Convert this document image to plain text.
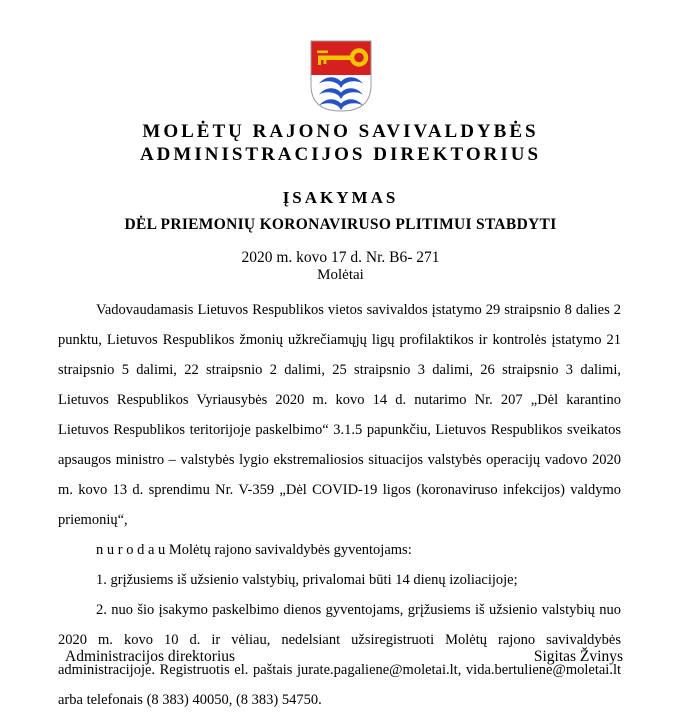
MOLĖTŲ RAJONO SAVIVALDYBĖS
ADMINISTRACIJOS DIREKTORIUS

ĮSAKYMAS

DĖL PRIEMONIŲ KORONAVIRUSO PLITIMUI STABDYTI

2020 m. kovo 17 d. Nr. B6- 271

Molėtai

Vadovaudamasis Lietuvos Respublikos vietos savivaldos įstatymo 29 straipsnio 8 dalies 2 punktu, Lietuvos Respublikos žmonių užkrečiamųjų ligų profilaktikos ir kontrolės įstatymo 21 straipsnio 5 dalimi, 22 straipsnio 2 dalimi, 25 straipsnio 3 dalimi, 26 straipsnio 3 dalimi, Lietuvos Respublikos Vyriausybės 2020 m. kovo 14 d. nutarimo Nr. 207 „Dėl karantino Lietuvos Respublikos teritorijoje paskelbimo“ 3.1.5 papunkčiu, Lietuvos Respublikos sveikatos apsaugos ministro – valstybės lygio ekstremaliosios situacijos valstybės operacijų vadovo 2020 m. kovo 13 d. sprendimu Nr. V-359 „Dėl COVID-19 ligos (koronaviruso infekcijos) valdymo priemonių“,

n u r o d a u Molėtų rajono savivaldybės gyventojams:

1. grįžusiems iš užsienio valstybių, privalomai būti 14 dienų izoliacijoje;

2. nuo šio įsakymo paskelbimo dienos gyventojams, grįžusiems iš užsienio valstybių nuo 2020 m. kovo 10 d. ir vėliau, nedelsiant užsiregistruoti Molėtų rajono savivaldybės administracijoje. Registruotis el. paštais jurate.pagaliene@moletai.lt, vida.bertuliene@moletai.lt arba telefonais (8 383) 40050, (8 383) 54750.

Administracijos direktorius	Sigitas Žvinys
